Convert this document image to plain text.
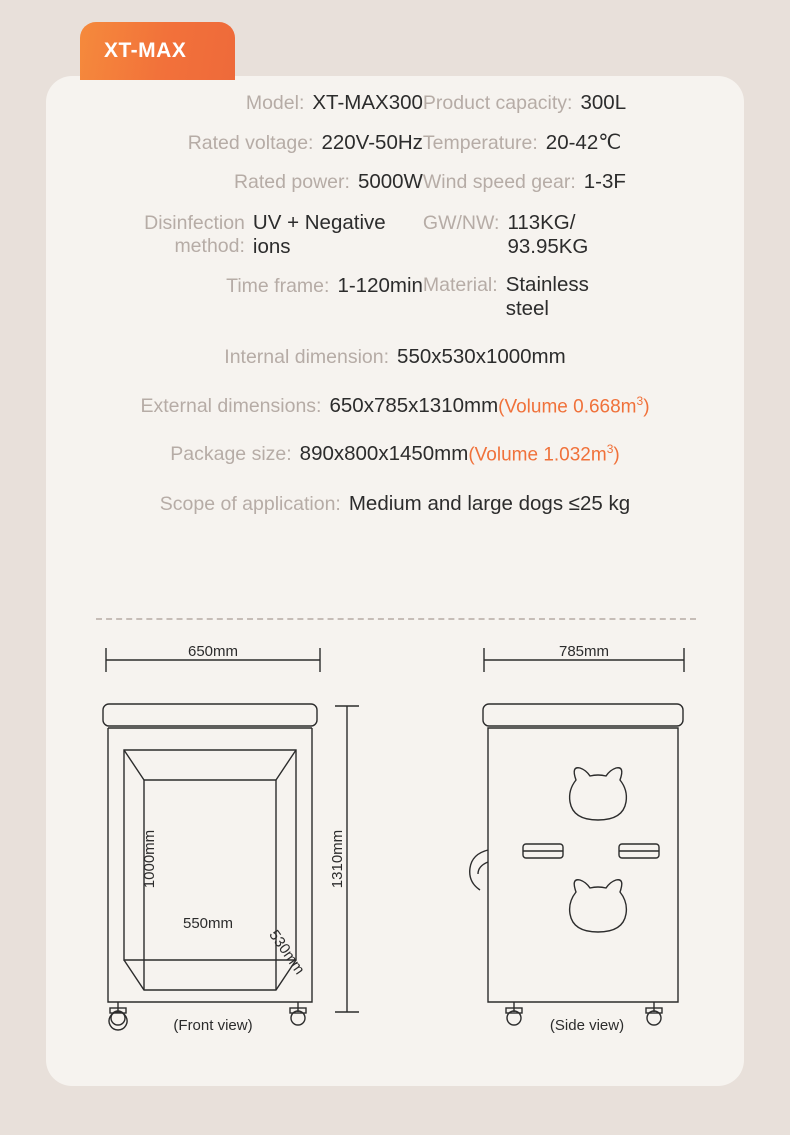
XT-MAX
Model: XT-MAX300 Product capacity: 300L
Rated voltage: 220V-50Hz Temperature: 20-42℃
Rated power: 5000W Wind speed gear: 1-3F
Disinfection method:
UV + Negative ions
GW/NW: 113KG/ 93.95KG
Time frame: 1-120min Material: Stainless steel
Internal dimension: 550x530x1000mm
External dimensions: 650x785x1310mm (Volume $0.668m^3$)
Package size: 890x800x1450mm (Volume $1.032m^3$)
Scope of application: Medium and large dogs ≤25 kg
650mm	785mm
1310mm
1000mm
550mm
530mm
(Front view)	(Side view)
